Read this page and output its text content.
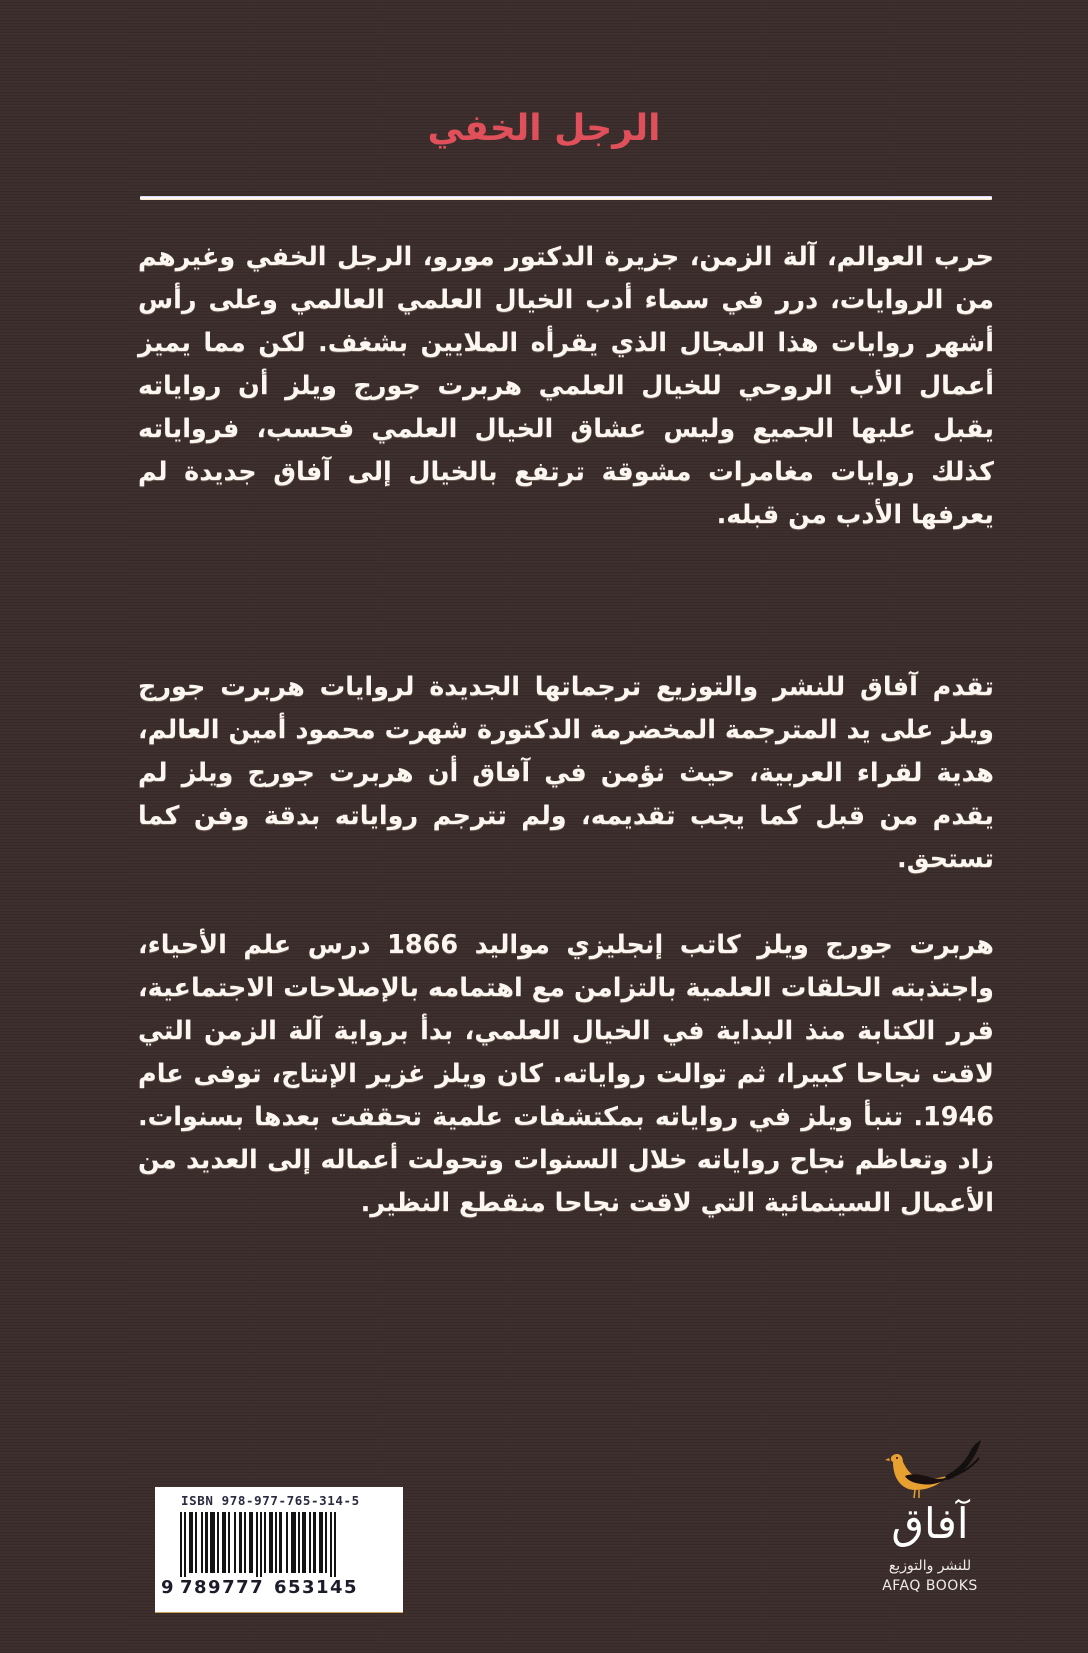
الرجل الخفي

حرب العوالم، آلة الزمن، جزيرة الدكتور مورو، الرجل الخفي وغيرهم من الروايات، درر في سماء أدب الخيال العلمي العالمي وعلى رأس أشهر روايات هذا المجال الذي يقرأه الملايين بشغف. لكن مما يميز أعمال الأب الروحي للخيال العلمي هربرت جورج ويلز أن رواياته يقبل عليها الجميع وليس عشاق الخيال العلمي فحسب، فرواياته كذلك روايات مغامرات مشوقة ترتفع بالخيال إلى آفاق جديدة لم يعرفها الأدب من قبله.

تقدم آفاق للنشر والتوزيع ترجماتها الجديدة لروايات هربرت جورج ويلز على يد المترجمة المخضرمة الدكتورة شهرت محمود أمين العالم، هدية لقراء العربية، حيث نؤمن في آفاق أن هربرت جورج ويلز لم يقدم من قبل كما يجب تقديمه، ولم تترجم رواياته بدقة وفن كما تستحق.

هربرت جورج ويلز كاتب إنجليزي مواليد 1866 درس علم الأحياء، واجتذبته الحلقات العلمية بالتزامن مع اهتمامه بالإصلاحات الاجتماعية، قرر الكتابة منذ البداية في الخيال العلمي، بدأ برواية آلة الزمن التي لاقت نجاحا كبيرا، ثم توالت رواياته. كان ويلز غزير الإنتاج، توفى عام 1946. تنبأ ويلز في رواياته بمكتشفات علمية تحققت بعدها بسنوات. زاد وتعاظم نجاح رواياته خلال السنوات وتحولت أعماله إلى العديد من الأعمال السينمائية التي لاقت نجاحا منقطع النظير.

ISBN 978-977-765-314-5
9 789777 653145
آفاق
للنشر والتوزيع
AFAQ BOOKS
